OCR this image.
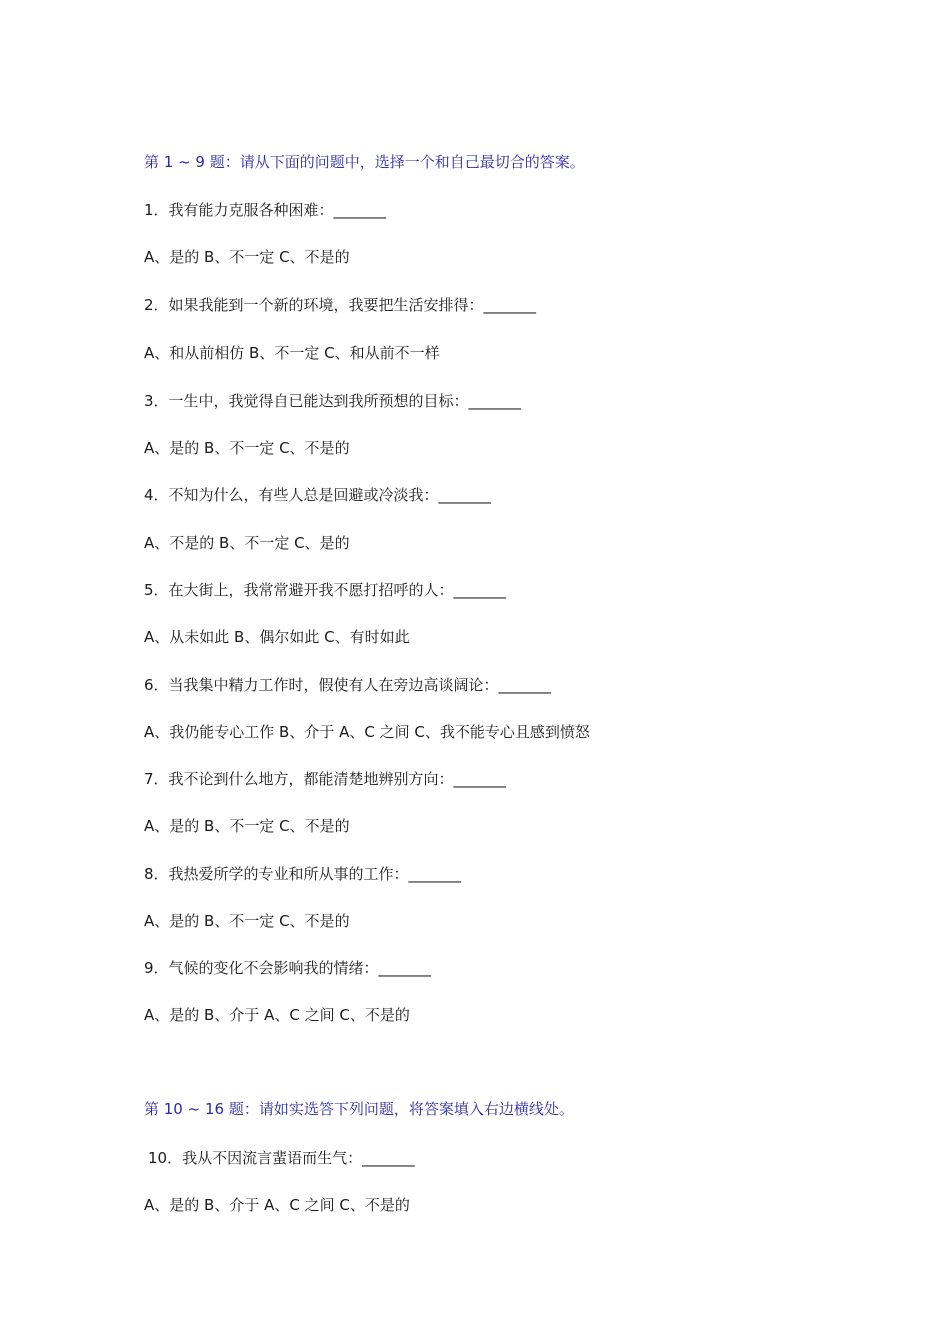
第 1 ~ 9 题：请从下面的问题中，选择一个和自己最切合的答案。
1．我有能力克服各种困难：_______
A、是的 B、不一定 C、不是的
2．如果我能到一个新的环境，我要把生活安排得：_______
A、和从前相仿 B、不一定 C、和从前不一样
3．一生中，我觉得自已能达到我所预想的目标：_______
A、是的 B、不一定 C、不是的
4．不知为什么，有些人总是回避或冷淡我：_______
A、不是的 B、不一定 C、是的
5．在大街上，我常常避开我不愿打招呼的人：_______
A、从未如此 B、偶尔如此 C、有时如此
6．当我集中精力工作时，假使有人在旁边高谈阔论：_______
A、我仍能专心工作 B、介于 A、C 之间 C、我不能专心且感到愤怒
7．我不论到什么地方，都能清楚地辨别方向：_______
A、是的 B、不一定 C、不是的
8．我热爱所学的专业和所从事的工作：_______
A、是的 B、不一定 C、不是的
9．气候的变化不会影响我的情绪：_______
A、是的 B、介于 A、C 之间 C、不是的
第 10 ~ 16 题：请如实选答下列问题，将答案填入右边横线处。
10．我从不因流言蜚语而生气：_______
A、是的 B、介于 A、C 之间 C、不是的
